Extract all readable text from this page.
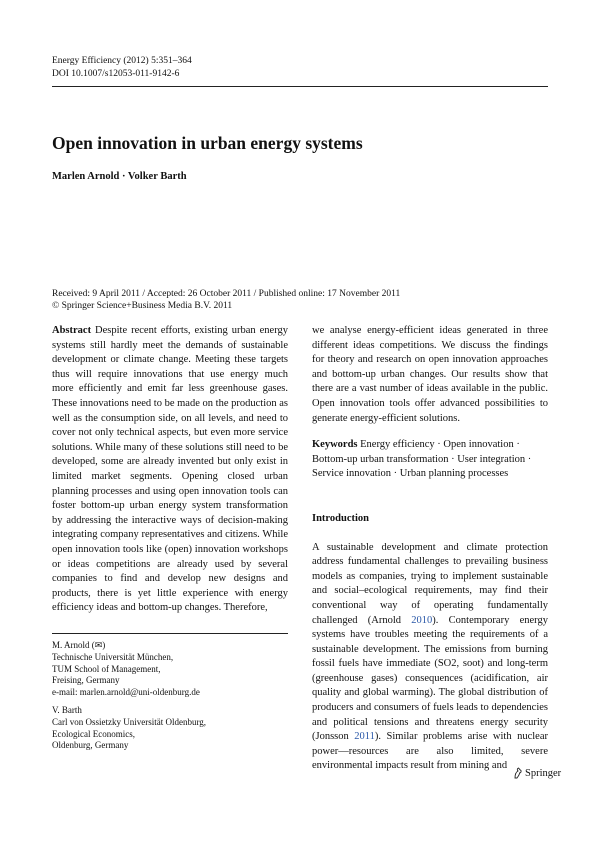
Energy Efficiency (2012) 5:351–364
DOI 10.1007/s12053-011-9142-6
Open innovation in urban energy systems
Marlen Arnold · Volker Barth
Received: 9 April 2011 / Accepted: 26 October 2011 / Published online: 17 November 2011
© Springer Science+Business Media B.V. 2011
Abstract Despite recent efforts, existing urban energy systems still hardly meet the demands of sustainable development or climate change. Meeting these targets thus will require innovations that use energy much more efficiently and emit far less greenhouse gases. These innovations need to be made on the production as well as the consumption side, on all levels, and need to cover not only technical aspects, but even more service solutions. While many of these solutions still need to be developed, some are already invented but only exist in limited market segments. Opening closed urban planning processes and using open innovation tools can foster bottom-up urban energy system transformation by addressing the interactive ways of decision-making integrating company representatives and citizens. While open innovation tools like (open) innovation workshops or ideas competitions are already used by several companies to find and develop new designs and products, there is yet little experience with energy efficiency ideas and bottom-up changes. Therefore,
M. Arnold (✉)
Technische Universität München,
TUM School of Management,
Freising, Germany
e-mail: marlen.arnold@uni-oldenburg.de
V. Barth
Carl von Ossietzky Universität Oldenburg,
Ecological Economics,
Oldenburg, Germany
we analyse energy-efficient ideas generated in three different ideas competitions. We discuss the findings for theory and research on open innovation approaches and bottom-up urban changes. Our results show that there are a vast number of ideas available in the public. Open innovation tools offer advanced possibilities to generate energy-efficient solutions.
Keywords Energy efficiency · Open innovation · Bottom-up urban transformation · User integration · Service innovation · Urban planning processes
Introduction
A sustainable development and climate protection address fundamental challenges to prevailing business models as companies, trying to implement sustainable and social–ecological requirements, may find their conventional way of operating fundamentally challenged (Arnold 2010). Contemporary energy systems have troubles meeting the requirements of a sustainable development. The emissions from burning fossil fuels have immediate (SO2, soot) and long-term (greenhouse gases) consequences (acidification, air quality and global warming). The global distribution of producers and consumers of fuels leads to dependencies and political tensions and threatens energy security (Jonsson 2011). Similar problems arise with nuclear power—resources are also limited, severe environmental impacts result from mining and
Springer
